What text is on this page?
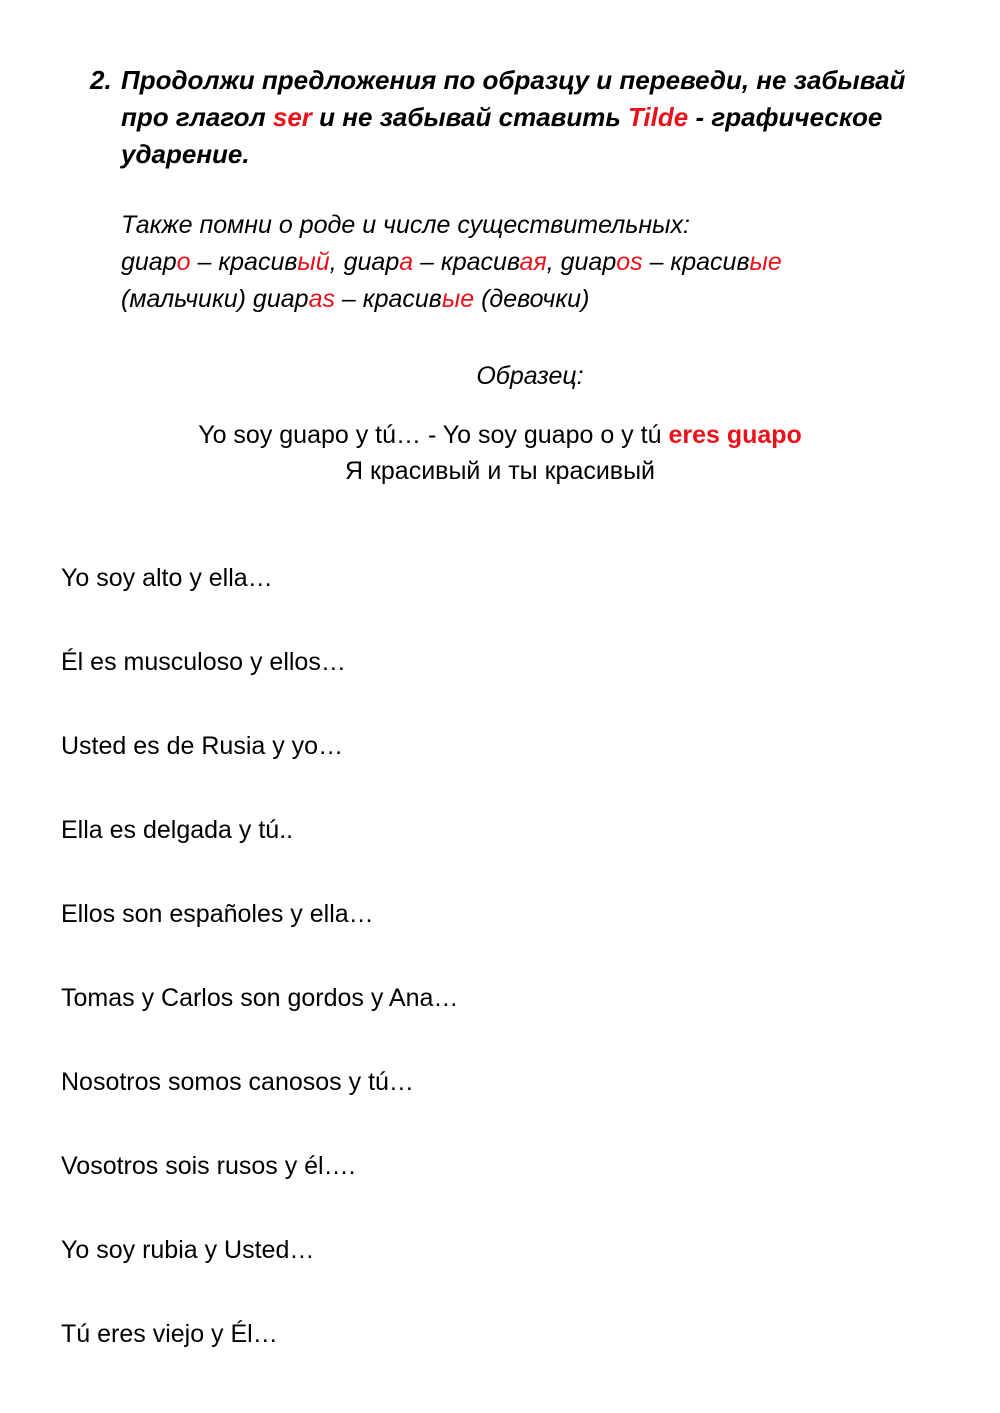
2. Продолжи предложения по образцу и переведи, не забывай
про глагол ser и не забывай ставить Tilde - графическое
ударение.
Также помни о роде и числе существительных:
guapo – красивый, guapa – красивая, guapos – красивые
(мальчики) guapas – красивые (девочки)
Образец:
Yo soy guapo y tú… - Yo soy guapo o y tú eres guapo
Я красивый и ты красивый
Yo soy alto y ella…
Él es musculoso y ellos…
Usted es de Rusia y yo…
Ella es delgada y tú..
Ellos son españoles y ella…
Tomas y Carlos son gordos y Ana…
Nosotros somos canosos y tú…
Vosotros sois rusos y él….
Yo soy rubia y Usted…
Tú eres viejo y Él…
